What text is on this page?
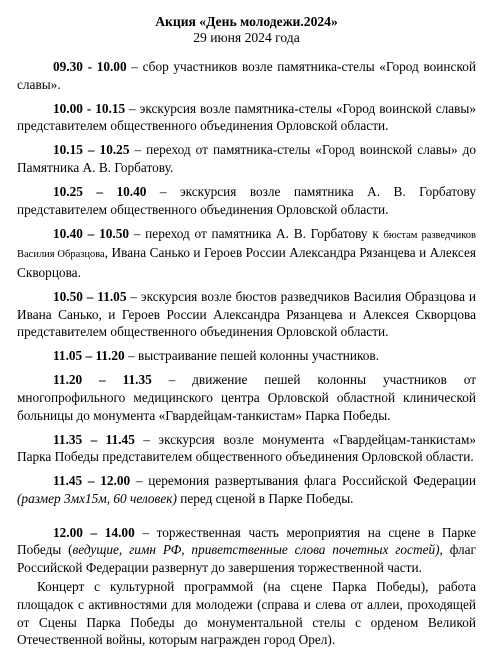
Акция «День молодежи.2024»

29 июня 2024 года

09.30 - 10.00 – сбор участников возле памятника-стелы «Город воинской славы».

10.00 - 10.15 – экскурсия возле памятника-стелы «Город воинской славы» представителем общественного объединения Орловской области.

10.15 – 10.25 – переход от памятника-стелы «Город воинской славы» до Памятника А. В. Горбатову.

10.25 – 10.40 – экскурсия возле памятника А. В. Горбатову представителем общественного объединения Орловской области.

10.40 – 10.50 – переход от памятника А. В. Горбатову к бюстам разведчиков Василия Образцова, Ивана Санько и Героев России Александра Рязанцева и Алексея Скворцова.

10.50 – 11.05 – экскурсия возле бюстов разведчиков Василия Образцова и Ивана Санько, и Героев России Александра Рязанцева и Алексея Скворцова представителем общественного объединения Орловской области.

11.05 – 11.20 – выстраивание пешей колонны участников.

11.20 – 11.35 – движение пешей колонны участников от многопрофильного медицинского центра Орловской областной клинической больницы до монумента «Гвардейцам-танкистам» Парка Победы.

11.35 – 11.45 – экскурсия возле монумента «Гвардейцам-танкистам» Парка Победы представителем общественного объединения Орловской области.

11.45 – 12.00 – церемония развертывания флага Российской Федерации (размер 3мх15м, 60 человек) перед сценой в Парке Победы.

12.00 – 14.00 – торжественная часть мероприятия на сцене в Парке Победы (ведущие, гимн РФ, приветственные слова почетных гостей), флаг Российской Федерации развернут до завершения торжественной части.

Концерт с культурной программой (на сцене Парка Победы), работа площадок с активностями для молодежи (справа и слева от аллеи, проходящей от Сцены Парка Победы до монументальной стелы с орденом Великой Отечественной войны, которым награжден город Орел).
